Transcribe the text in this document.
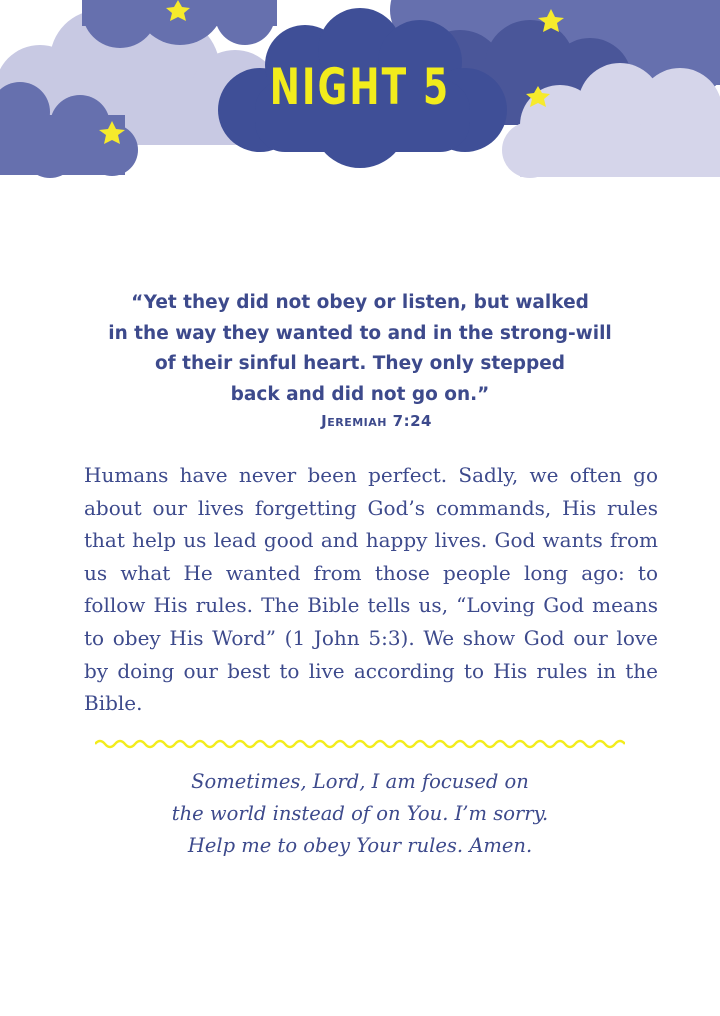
NIGHT 5
“Yet they did not obey or listen, but walked
in the way they wanted to and in the strong-will
of their sinful heart. They only stepped
back and did not go on.”
Jeremiah 7:24
Humans have never been perfect. Sadly, we often go about our lives forgetting God’s commands, His rules that help us lead good and happy lives. God wants from us what He wanted from those people long ago: to follow His rules. The Bible tells us, “Loving God means to obey His Word” (1 John 5:3). We show God our love by doing our best to live according to His rules in the Bible.
Sometimes, Lord, I am focused on
the world instead of on You. I’m sorry.
Help me to obey Your rules. Amen.
